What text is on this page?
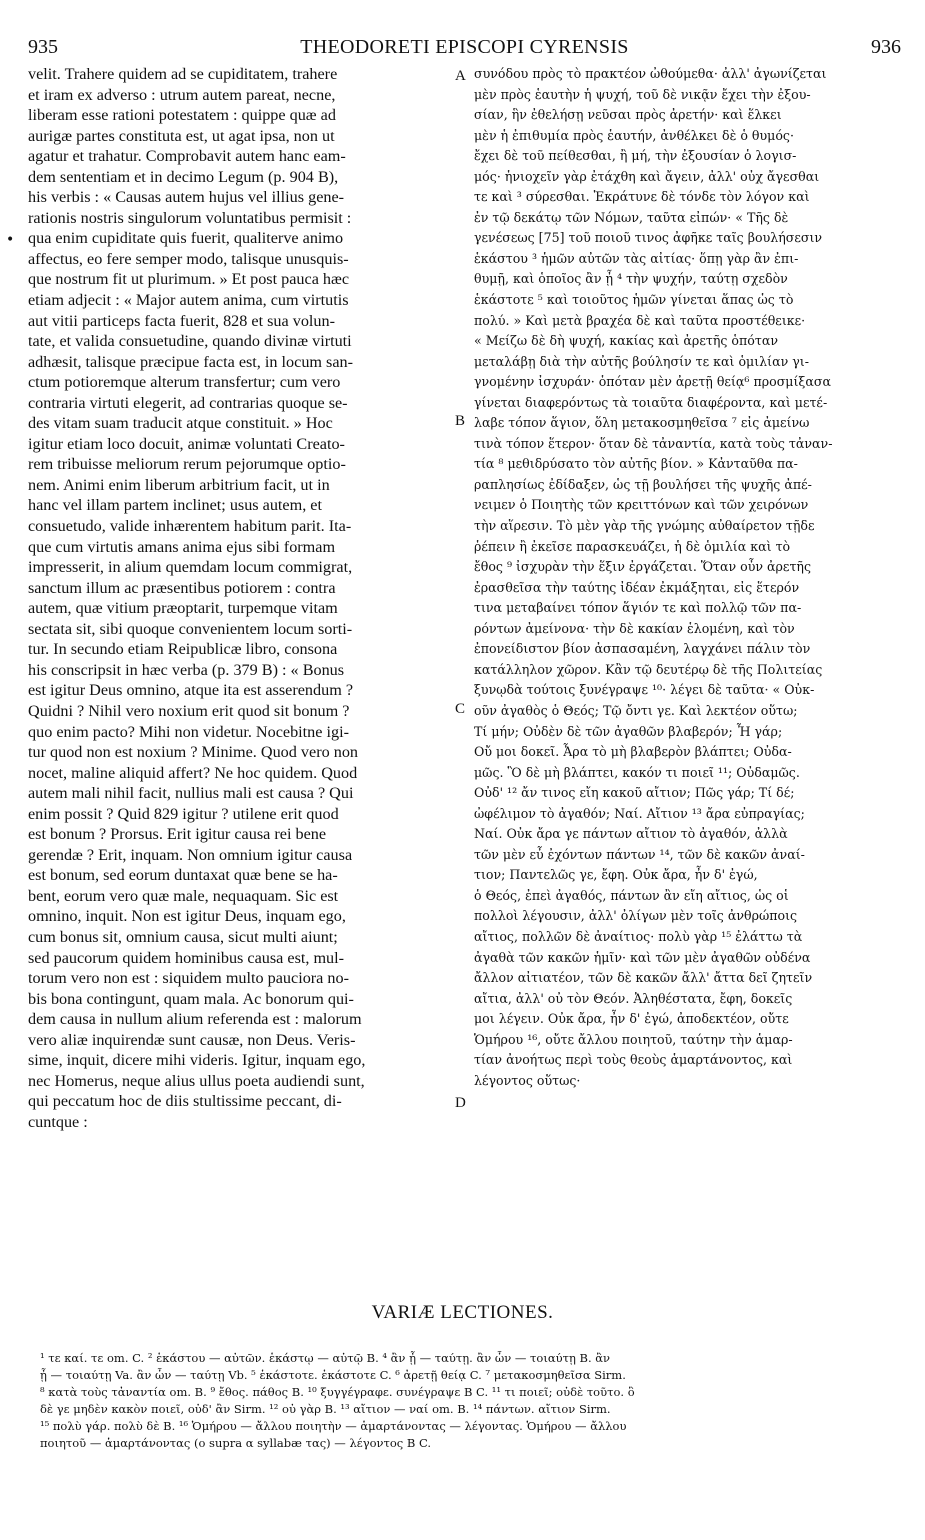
935	THEODORETI EPISCOPI CYRENSIS	936
•
velit. Trahere quidem ad se cupiditatem, trahere
et iram ex adverso : utrum autem pareat, necne,
liberam esse rationi potestatem : quippe quæ ad
aurigæ partes constituta est, ut agat ipsa, non ut
agatur et trahatur. Comprobavit autem hanc eam-
dem sententiam et in decimo Legum (p. 904 B),
his verbis : « Causas autem hujus vel illius gene-
rationis nostris singulorum voluntatibus permisit :
qua enim cupiditate quis fuerit, qualiterve animo
affectus, eo fere semper modo, talisque unusquis-
que nostrum fit ut plurimum. » Et post pauca hæc
etiam adjecit : « Major autem anima, cum virtutis
aut vitii particeps facta fuerit, 828 et sua volun-
tate, et valida consuetudine, quando divinæ virtuti
adhæsit, talisque præcipue facta est, in locum san-
ctum potioremque alterum transfertur; cum vero
contraria virtuti elegerit, ad contrarias quoque se-
des vitam suam traducit atque constituit. » Hoc
igitur etiam loco docuit, animæ voluntati Creato-
rem tribuisse meliorum rerum pejorumque optio-
nem. Animi enim liberum arbitrium facit, ut in
hanc vel illam partem inclinet; usus autem, et
consuetudo, valide inhærentem habitum parit. Ita-
que cum virtutis amans anima ejus sibi formam
impresserit, in alium quemdam locum commigrat,
sanctum illum ac præsentibus potiorem : contra
autem, quæ vitium præoptarit, turpemque vitam
sectata sit, sibi quoque convenientem locum sorti-
tur. In secundo etiam Reipublicæ libro, consona
his conscripsit in hæc verba (p. 379 B) : « Bonus
est igitur Deus omnino, atque ita est asserendum ?
Quidni ? Nihil vero noxium erit quod sit bonum ?
quo enim pacto? Mihi non videtur. Nocebitne igi-
tur quod non est noxium ? Minime. Quod vero non
nocet, maline aliquid affert? Ne hoc quidem. Quod
autem mali nihil facit, nullius mali est causa ? Qui
enim possit ? Quid 829 igitur ? utilene erit quod
est bonum ? Prorsus. Erit igitur causa rei bene
gerendæ ? Erit, inquam. Non omnium igitur causa
est bonum, sed eorum duntaxat quæ bene se ha-
bent, eorum vero quæ male, nequaquam. Sic est
omnino, inquit. Non est igitur Deus, inquam ego,
cum bonus sit, omnium causa, sicut multi aiunt;
sed paucorum quidem hominibus causa est, mul-
torum vero non est : siquidem multo pauciora no-
bis bona contingunt, quam mala. Ac bonorum qui-
dem causa in nullum alium referenda est : malorum
vero aliæ inquirendæ sunt causæ, non Deus. Veris-
sime, inquit, dicere mihi videris. Igitur, inquam ego,
nec Homerus, neque alius ullus poeta audiendi sunt,
qui peccatum hoc de diis stultissime peccant, di-
cuntque :
συνόδου πρὸς τὸ πρακτέον ὠθούμεθα· ἀλλ' ἀγωνίζεται
μὲν πρὸς ἑαυτὴν ἡ ψυχή, τοῦ δὲ νικᾷν ἔχει τὴν ἐξου-
σίαν, ἣν ἐθελήσῃ νεῦσαι πρὸς ἀρετήν· καὶ ἕλκει
μὲν ἡ ἐπιθυμία πρὸς ἑαυτήν, ἀνθέλκει δὲ ὁ θυμός·
ἔχει δὲ τοῦ πείθεσθαι, ἢ μή, τὴν ἐξουσίαν ὁ λογισ-
μός· ἡνιοχεῖν γὰρ ἐτάχθη καὶ ἄγειν, ἀλλ' οὐχ ἄγεσθαι
τε καὶ ³ σύρεσθαι. Ἐκράτυνε δὲ τόνδε τὸν λόγον καὶ
ἐν τῷ δεκάτῳ τῶν Νόμων, ταῦτα εἰπών· « Τῆς δὲ
γενέσεως [75] τοῦ ποιοῦ τινος ἀφῆκε ταῖς βουλήσεσιν
ἑκάστου ³ ἡμῶν αὐτῶν τὰς αἰτίας· ὅπῃ γὰρ ἂν ἐπι-
θυμῇ, καὶ ὁποῖος ἂν ᾖ ⁴ τὴν ψυχήν, ταύτῃ σχεδὸν
ἑκάστοτε ⁵ καὶ τοιοῦτος ἡμῶν γίνεται ἅπας ὡς τὸ
πολύ. » Καὶ μετὰ βραχέα δὲ καὶ ταῦτα προστέθεικε·
« Μείζω δὲ δὴ ψυχή, κακίας καὶ ἀρετῆς ὁπόταν
μεταλάβῃ διὰ τὴν αὐτῆς βούλησίν τε καὶ ὁμιλίαν γι-
γνομένην ἰσχυράν· ὁπόταν μὲν ἀρετῇ θείᾳ⁶ προσμίξασα
γίνεται διαφερόντως τὰ τοιαῦτα διαφέροντα, καὶ μετέ-
λαβε τόπον ἅγιον, ὅλη μετακοσμηθεῖσα ⁷ εἰς ἀμείνω
τινὰ τόπον ἕτερον· ὅταν δὲ τἀναντία, κατὰ τοὺς τἀναν-
τία ⁸ μεθιδρύσατο τὸν αὐτῆς βίον. » Κἀνταῦθα πα-
ραπλησίως ἐδίδαξεν, ὡς τῇ βουλήσει τῆς ψυχῆς ἀπέ-
νειμεν ὁ Ποιητὴς τῶν κρειττόνων καὶ τῶν χειρόνων
τὴν αἵρεσιν. Τὸ μὲν γὰρ τῆς γνώμης αὐθαίρετον τῇδε
ῥέπειν ἢ ἐκεῖσε παρασκευάζει, ἡ δὲ ὁμιλία καὶ τὸ
ἔθος ⁹ ἰσχυρὰν τὴν ἕξιν ἐργάζεται. Ὅταν οὖν ἀρετῆς
ἐρασθεῖσα τὴν ταύτης ἰδέαν ἐκμάξηται, εἰς ἕτερόν
τινα μεταβαίνει τόπον ἅγιόν τε καὶ πολλῷ τῶν πα-
ρόντων ἀμείνονα· τὴν δὲ κακίαν ἑλομένη, καὶ τὸν
ἐπονείδιστον βίον ἀσπασαμένη, λαγχάνει πάλιν τὸν
κατάλληλον χῶρον. Κἂν τῷ δευτέρῳ δὲ τῆς Πολιτείας
ξυνῳδὰ τούτοις ξυνέγραψε ¹⁰· λέγει δὲ ταῦτα· « Οὐκ-
οῦν ἀγαθὸς ὁ Θεός; Τῷ ὄντι γε. Καὶ λεκτέον οὕτω;
Τί μήν; Οὐδὲν δὲ τῶν ἀγαθῶν βλαβερόν; Ἦ γάρ;
Οὔ μοι δοκεῖ. Ἆρα τὸ μὴ βλαβερὸν βλάπτει; Οὐδα-
μῶς. Ὃ δὲ μὴ βλάπτει, κακόν τι ποιεῖ ¹¹; Οὐδαμῶς.
Οὐδ' ¹² ἄν τινος εἴη κακοῦ αἴτιον; Πῶς γάρ; Τί δέ;
ὠφέλιμον τὸ ἀγαθόν; Ναί. Αἴτιον ¹³ ἄρα εὐπραγίας;
Ναί. Οὐκ ἄρα γε πάντων αἴτιον τὸ ἀγαθόν, ἀλλὰ
τῶν μὲν εὖ ἐχόντων πάντων ¹⁴, τῶν δὲ κακῶν ἀναί-
τιον; Παντελῶς γε, ἔφη. Οὐκ ἄρα, ἦν δ' ἐγώ,
ὁ Θεός, ἐπεὶ ἀγαθός, πάντων ἂν εἴη αἴτιος, ὡς οἱ
πολλοὶ λέγουσιν, ἀλλ' ὀλίγων μὲν τοῖς ἀνθρώποις
αἴτιος, πολλῶν δὲ ἀναίτιος· πολὺ γὰρ ¹⁵ ἐλάττω τὰ
ἀγαθὰ τῶν κακῶν ἡμῖν· καὶ τῶν μὲν ἀγαθῶν οὐδένα
ἄλλον αἰτιατέον, τῶν δὲ κακῶν ἄλλ' ἄττα δεῖ ζητεῖν
αἴτια, ἀλλ' οὐ τὸν Θεόν. Ἀληθέστατα, ἔφη, δοκεῖς
μοι λέγειν. Οὐκ ἄρα, ἦν δ' ἐγώ, ἀποδεκτέον, οὔτε
Ὁμήρου ¹⁶, οὔτε ἄλλου ποιητοῦ, ταύτην τὴν ἁμαρ-
τίαν ἀνοήτως περὶ τοὺς θεοὺς ἁμαρτάνοντος, καὶ
λέγοντος οὕτως·
A
B
C
D
VARIÆ LECTIONES.
¹ τε καί. τε om. C. ² ἑκάστου — αὐτῶν. ἑκάστῳ — αὐτῷ B. ⁴ ἂν ᾖ — ταύτῃ. ἂν ὦν — τοιαύτῃ B. ἂν
ᾖ — τοιαύτῃ Va. ἂν ὦν — ταύτῃ Vb. ⁵ ἑκάστοτε. ἑκάστοτε C. ⁶ ἀρετῇ θείᾳ C. ⁷ μετακοσμηθεῖσα Sirm.
⁸ κατὰ τοὺς τἀναντία om. B. ⁹ ἔθος. πάθος B. ¹⁰ ξυγγέγραφε. συνέγραψε B C. ¹¹ τι ποιεῖ; οὐδὲ τοῦτο. ὃ
δὲ γε μηδὲν κακὸν ποιεῖ, οὐδ' ἂν Sirm. ¹² οὐ γὰρ B. ¹³ αἴτιον — ναί om. B. ¹⁴ πάντων. αἴτιον Sirm.
¹⁵ πολὺ γάρ. πολὺ δὲ B. ¹⁶ Ὁμήρου — ἄλλου ποιητὴν — ἁμαρτάνοντας — λέγοντας. Ὁμήρου — ἄλλου
ποιητοῦ — ἁμαρτάνοντας (ο supra α syllabæ τας) — λέγοντος B C.
